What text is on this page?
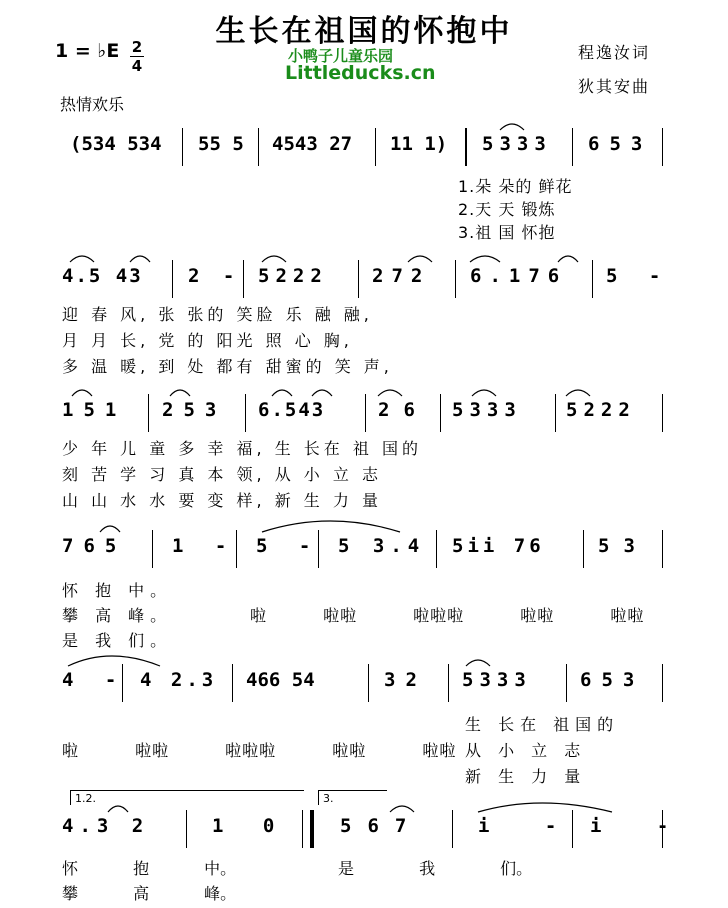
生长在祖国的怀抱中
1 = ♭E 2
4
小鸭子儿童乐园
Littleducks.cn
程逸汝词
狄其安曲
热情欢乐
(534 534 55 5 4543 27 11 1) 5333 653
1.朵 朵的 鲜花
2.天 天 锻炼
3.祖 国 怀抱
4.5 43 2 - 5222 272 6.176 5 -
迎 春 风, 张 张的 笑脸 乐 融 融,
月 月 长, 党 的 阳光 照 心 胸,
多 温 暖, 到 处 都有 甜蜜的 笑 声,
151 253 6.543	26 5333 5222
少 年 儿 童 多 幸 福, 生 长在 祖 国的
刻 苦 学 习 真 本 领, 从 小 立 志
山 山 水 水 要 变 样, 新 生 力 量
765 1 - 5 - 5 3.4 5ii 76	53
怀 抱 中。
攀 高 峰。
是 我 们。
啦 啦啦 啦啦啦 啦啦 啦啦
4 - 4 2.3 466 54	32 5333	653
啦 啦啦 啦啦啦 啦啦 啦啦
生 长在 祖国的
从 小 立 志
新 生 力 量
1.2.	3.
4.3 2	1 0	567	i - i -
怀 抱 中。
攀 高 峰。
是 我 们。
